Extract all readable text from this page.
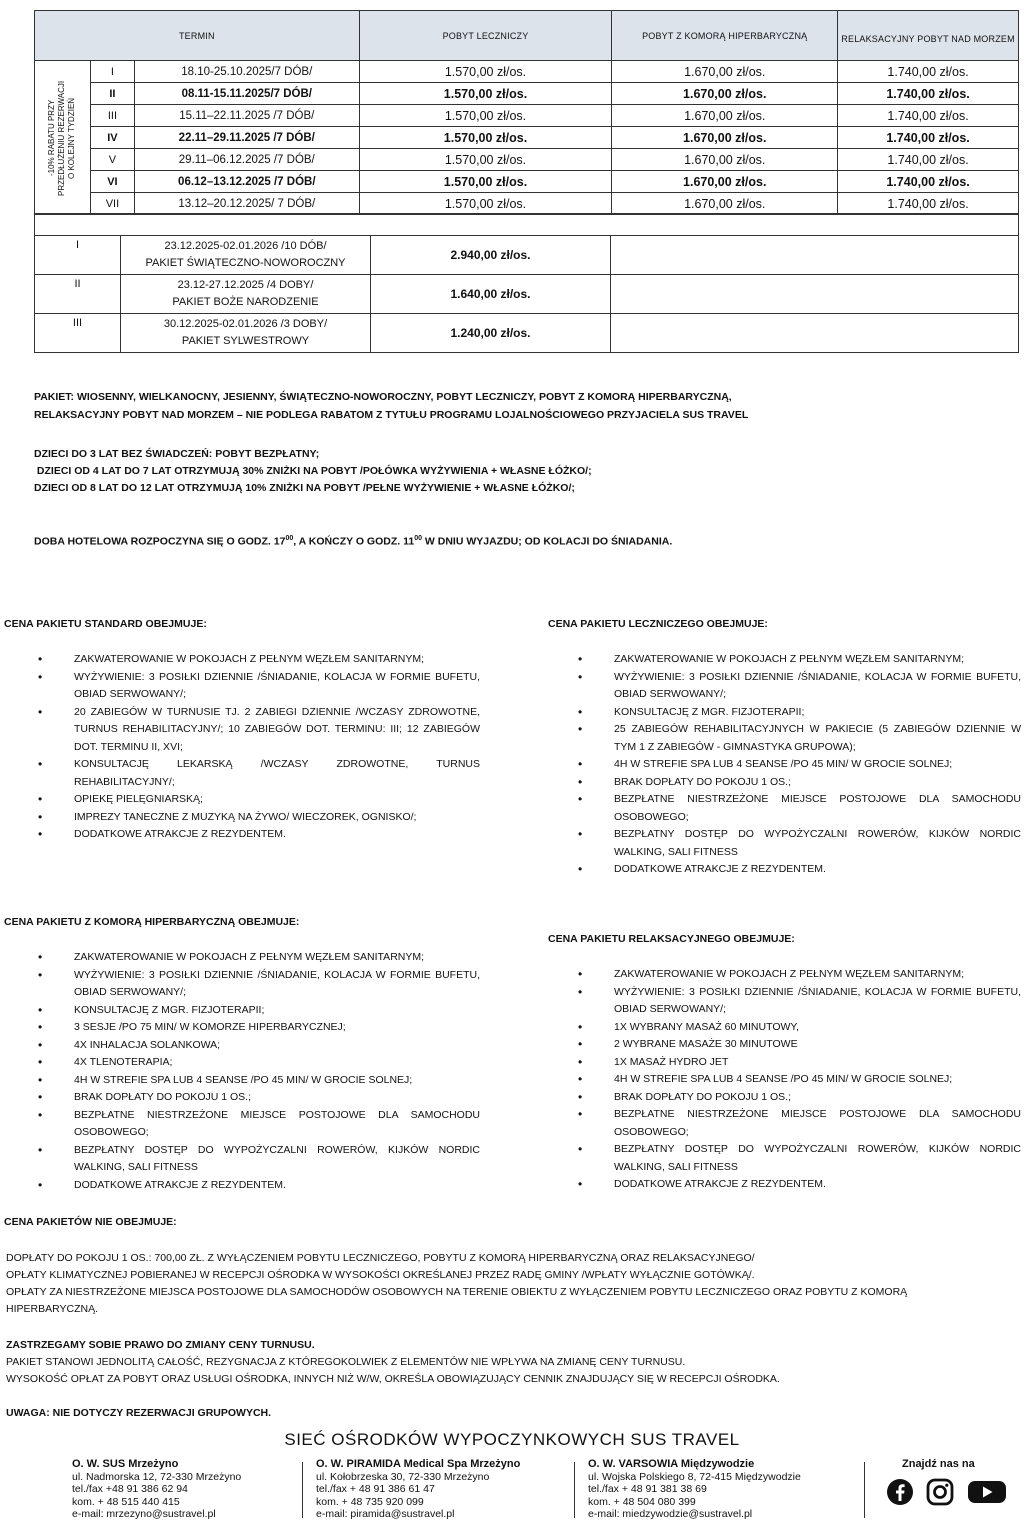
TERMIN			POBYT LECZNICZY	POBYT Z KOMORĄ HIPERBARYCZNĄ	RELAKSACYJNY POBYT NAD MORZEM

-10% RABATU PRZY
PRZEDŁUŻENIU REZERWACJI
O KOLEJNY TYDZIEŃ	I	18.10-25.10.2025/7 DÓB/	1.570,00 zł/os.	1.670,00 zł/os.	1.740,00 zł/os.
	II	08.11-15.11.2025/7 DÓB/	1.570,00 zł/os.	1.670,00 zł/os.	1.740,00 zł/os.
	III	15.11–22.11.2025 /7 DÓB/	1.570,00 zł/os.	1.670,00 zł/os.	1.740,00 zł/os.
	IV	22.11–29.11.2025 /7 DÓB/	1.570,00 zł/os.	1.670,00 zł/os.	1.740,00 zł/os.
	V	29.11–06.12.2025 /7 DÓB/	1.570,00 zł/os.	1.670,00 zł/os.	1.740,00 zł/os.
	VI	06.12–13.12.2025 /7 DÓB/	1.570,00 zł/os.	1.670,00 zł/os.	1.740,00 zł/os.
	VII	13.12–20.12.2025/ 7 DÓB/	1.570,00 zł/os.	1.670,00 zł/os.	1.740,00 zł/os.

I	23.12.2025-02.01.2026 /10 DÓB/
PAKIET ŚWIĄTECZNO-NOWOROCZNY	2.940,00 zł/os.	
II	23.12-27.12.2025 /4 DOBY/
PAKIET BOŻE NARODZENIE	1.640,00 zł/os.	
III	30.12.2025-02.01.2026 /3 DOBY/
PAKIET SYLWESTROWY	1.240,00 zł/os.	
PAKIET: WIOSENNY, WIELKANOCNY, JESIENNY, ŚWIĄTECZNO-NOWOROCZNY, POBYT LECZNICZY, POBYT Z KOMORĄ HIPERBARYCZNĄ,
RELAKSACYJNY POBYT NAD MORZEM – NIE PODLEGA RABATOM Z TYTUŁU PROGRAMU LOJALNOŚCIOWEGO PRZYJACIELA SUS TRAVEL
DZIECI DO 3 LAT BEZ ŚWIADCZEŃ: POBYT BEZPŁATNY;
DZIECI OD 4 LAT DO 7 LAT OTRZYMUJĄ 30% ZNIŻKI NA POBYT /POŁÓWKA WYŻYWIENIA + WŁASNE ŁÓŻKO/;
DZIECI OD 8 LAT DO 12 LAT OTRZYMUJĄ 10% ZNIŻKI NA POBYT /PEŁNE WYŻYWIENIE + WŁASNE ŁÓŻKO/;
DOBA HOTELOWA ROZPOCZYNA SIĘ O GODZ. $17^{00}$, A KOŃCZY O GODZ. $11^{00}$ W DNIU WYJAZDU; OD KOLACJI DO ŚNIADANIA.
CENA PAKIETU STANDARD OBEJMUJE:
• ZAKWATEROWANIE W POKOJACH Z PEŁNYM WĘZŁEM SANITARNYM;
• WYŻYWIENIE: 3 POSIŁKI DZIENNIE /ŚNIADANIE, KOLACJA W FORMIE BUFETU, OBIAD SERWOWANY/;
• 20 ZABIEGÓW W TURNUSIE TJ. 2 ZABIEGI DZIENNIE /WCZASY ZDROWOTNE, TURNUS REHABILITACYJNY/; 10 ZABIEGÓW DOT. TERMINU: III; 12 ZABIEGÓW DOT. TERMINU II, XVI;
• KONSULTACJĘ LEKARSKĄ /WCZASY ZDROWOTNE, TURNUS REHABILITACYJNY/;
• OPIEKĘ PIELĘGNIARSKĄ;
• IMPREZY TANECZNE Z MUZYKĄ NA ŻYWO/ WIECZOREK, OGNISKO/;
• DODATKOWE ATRAKCJE Z REZYDENTEM.
CENA PAKIETU LECZNICZEGO OBEJMUJE:
• ZAKWATEROWANIE W POKOJACH Z PEŁNYM WĘZŁEM SANITARNYM;
• WYŻYWIENIE: 3 POSIŁKI DZIENNIE /ŚNIADANIE, KOLACJA W FORMIE BUFETU, OBIAD SERWOWANY/;
• KONSULTACJĘ Z MGR. FIZJOTERAPII;
• 25 ZABIEGÓW REHABILITACYJNYCH W PAKIECIE (5 ZABIEGÓW DZIENNIE W TYM 1 Z ZABIEGÓW - GIMNASTYKA GRUPOWA);
• 4H W STREFIE SPA LUB 4 SEANSE /PO 45 MIN/ W GROCIE SOLNEJ;
• BRAK DOPŁATY DO POKOJU 1 OS.;
• BEZPŁATNE NIESTRZEŻONE MIEJSCE POSTOJOWE DLA SAMOCHODU OSOBOWEGO;
• BEZPŁATNY DOSTĘP DO WYPOŻYCZALNI ROWERÓW, KIJKÓW NORDIC WALKING, SALI FITNESS
• DODATKOWE ATRAKCJE Z REZYDENTEM.
CENA PAKIETU Z KOMORĄ HIPERBARYCZNĄ OBEJMUJE:
• ZAKWATEROWANIE W POKOJACH Z PEŁNYM WĘZŁEM SANITARNYM;
• WYŻYWIENIE: 3 POSIŁKI DZIENNIE /ŚNIADANIE, KOLACJA W FORMIE BUFETU, OBIAD SERWOWANY/;
• KONSULTACJĘ Z MGR. FIZJOTERAPII;
• 3 SESJE /PO 75 MIN/ W KOMORZE HIPERBARYCZNEJ;
• 4X INHALACJA SOLANKOWA;
• 4X TLENOTERAPIA;
• 4H W STREFIE SPA LUB 4 SEANSE /PO 45 MIN/ W GROCIE SOLNEJ;
• BRAK DOPŁATY DO POKOJU 1 OS.;
• BEZPŁATNE NIESTRZEŻONE MIEJSCE POSTOJOWE DLA SAMOCHODU OSOBOWEGO;
• BEZPŁATNY DOSTĘP DO WYPOŻYCZALNI ROWERÓW, KIJKÓW NORDIC WALKING, SALI FITNESS
• DODATKOWE ATRAKCJE Z REZYDENTEM.
CENA PAKIETU RELAKSACYJNEGO OBEJMUJE:
• ZAKWATEROWANIE W POKOJACH Z PEŁNYM WĘZŁEM SANITARNYM;
• WYŻYWIENIE: 3 POSIŁKI DZIENNIE /ŚNIADANIE, KOLACJA W FORMIE BUFETU, OBIAD SERWOWANY/;
• 1X WYBRANY MASAŻ 60 MINUTOWY,
• 2 WYBRANE MASAŻE 30 MINUTOWE
• 1X MASAŻ HYDRO JET
• 4H W STREFIE SPA LUB 4 SEANSE /PO 45 MIN/ W GROCIE SOLNEJ;
• BRAK DOPŁATY DO POKOJU 1 OS.;
• BEZPŁATNE NIESTRZEŻONE MIEJSCE POSTOJOWE DLA SAMOCHODU OSOBOWEGO;
• BEZPŁATNY DOSTĘP DO WYPOŻYCZALNI ROWERÓW, KIJKÓW NORDIC WALKING, SALI FITNESS
• DODATKOWE ATRAKCJE Z REZYDENTEM.
CENA PAKIETÓW NIE OBEJMUJE:
DOPŁATY DO POKOJU 1 OS.: 700,00 ZŁ. Z WYŁĄCZENIEM POBYTU LECZNICZEGO, POBYTU Z KOMORĄ HIPERBARYCZNĄ ORAZ RELAKSACYJNEGO/
OPŁATY KLIMATYCZNEJ POBIERANEJ W RECEPCJI OŚRODKA W WYSOKOŚCI OKREŚLANEJ PRZEZ RADĘ GMINY /WPŁATY WYŁĄCZNIE GOTÓWKĄ/.
OPŁATY ZA NIESTRZEŻONE MIEJSCA POSTOJOWE DLA SAMOCHODÓW OSOBOWYCH NA TERENIE OBIEKTU Z WYŁĄCZENIEM POBYTU LECZNICZEGO ORAZ POBYTU Z KOMORĄ
HIPERBARYCZNĄ.
ZASTRZEGAMY SOBIE PRAWO DO ZMIANY CENY TURNUSU.
PAKIET STANOWI JEDNOLITĄ CAŁOŚĆ, REZYGNACJA Z KTÓREGOKOLWIEK Z ELEMENTÓW NIE WPŁYWA NA ZMIANĘ CENY TURNUSU.
WYSOKOŚĆ OPŁAT ZA POBYT ORAZ USŁUGI OŚRODKA, INNYCH NIŻ W/W, OKREŚLA OBOWIĄZUJĄCY CENNIK ZNAJDUJĄCY SIĘ W RECEPCJI OŚRODKA.
UWAGA: NIE DOTYCZY REZERWACJI GRUPOWYCH.
SIEĆ OŚRODKÓW WYPOCZYNKOWYCH SUS TRAVEL
O. W. SUS Mrzeżyno
ul. Nadmorska 12, 72-330 Mrzeżyno
tel./fax +48 91 386 62 94
kom. + 48 515 440 415
e-mail: mrzezyno@sustravel.pl
O. W. PIRAMIDA Medical Spa Mrzeżyno
ul. Kołobrzeska 30, 72-330 Mrzeżyno
tel./fax + 48 91 386 61 47
kom. + 48 735 920 099
e-mail: piramida@sustravel.pl
O. W. VARSOWIA Międzywodzie
ul. Wojska Polskiego 8, 72-415 Międzywodzie
tel./fax + 48 91 381 38 69
kom. + 48 504 080 399
e-mail: miedzywodzie@sustravel.pl
Znajdź nas na
